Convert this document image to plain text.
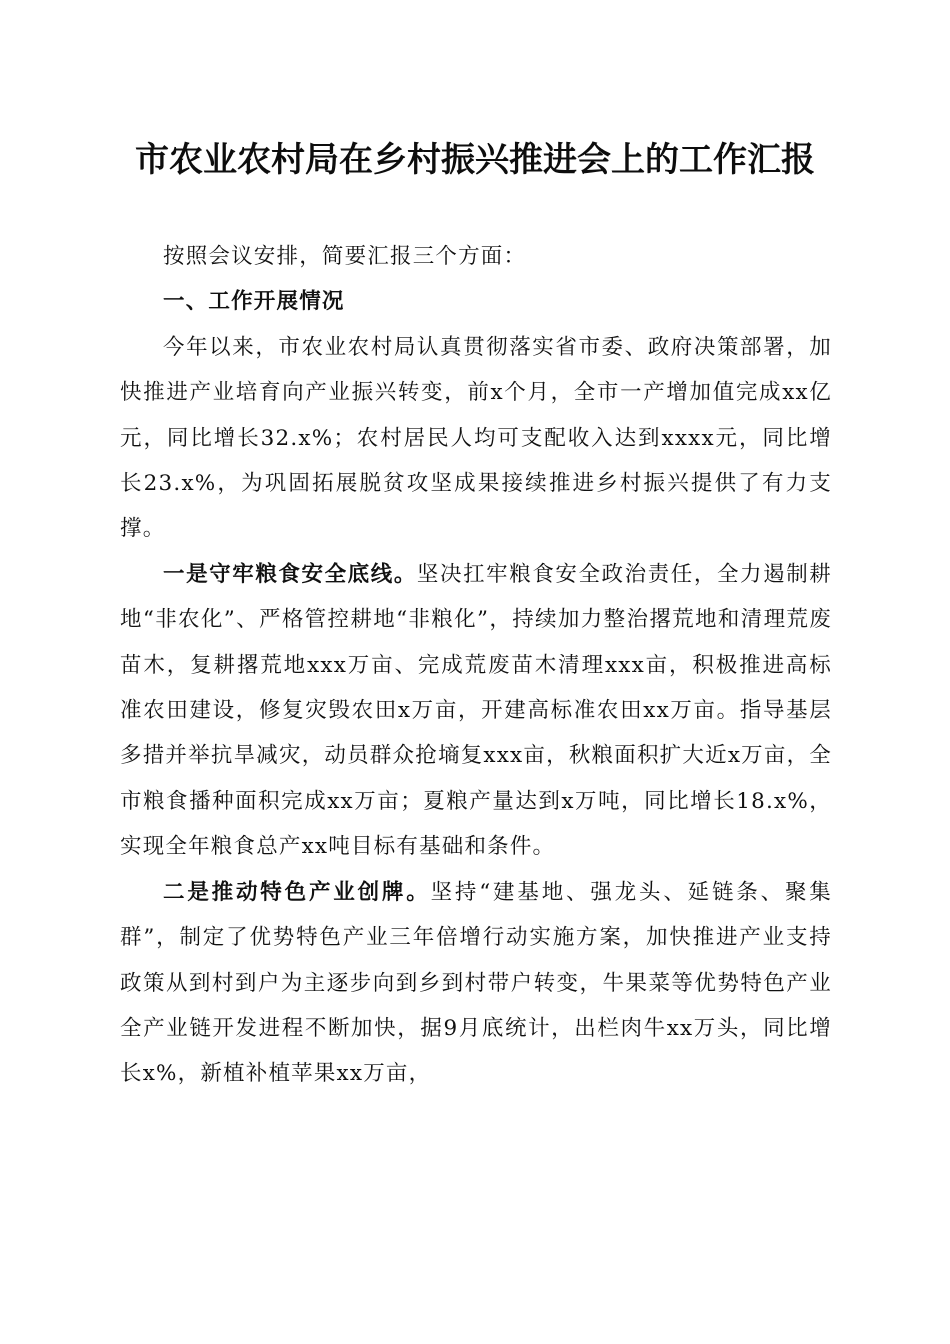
市农业农村局在乡村振兴推进会上的工作汇报

按照会议安排，简要汇报三个方面：

一、工作开展情况

今年以来，市农业农村局认真贯彻落实省市委、政府决策部署，加快推进产业培育向产业振兴转变，前x个月，全市一产增加值完成xx亿元，同比增长32.x%；农村居民人均可支配收入达到xxxx元，同比增长23.x%，为巩固拓展脱贫攻坚成果接续推进乡村振兴提供了有力支撑。

一是守牢粮食安全底线。坚决扛牢粮食安全政治责任，全力遏制耕地“非农化”、严格管控耕地“非粮化”，持续加力整治撂荒地和清理荒废苗木，复耕撂荒地xxx万亩、完成荒废苗木清理xxx亩，积极推进高标准农田建设，修复灾毁农田x万亩，开建高标准农田xx万亩。指导基层多措并举抗旱减灾，动员群众抢墒复xxx亩，秋粮面积扩大近x万亩，全市粮食播种面积完成xx万亩；夏粮产量达到x万吨，同比增长18.x%，实现全年粮食总产xx吨目标有基础和条件。

二是推动特色产业创牌。坚持“建基地、强龙头、延链条、聚集群”，制定了优势特色产业三年倍增行动实施方案，加快推进产业支持政策从到村到户为主逐步向到乡到村带户转变，牛果菜等优势特色产业全产业链开发进程不断加快，据9月底统计，出栏肉牛xx万头，同比增长x%，新植补植苹果xx万亩，
